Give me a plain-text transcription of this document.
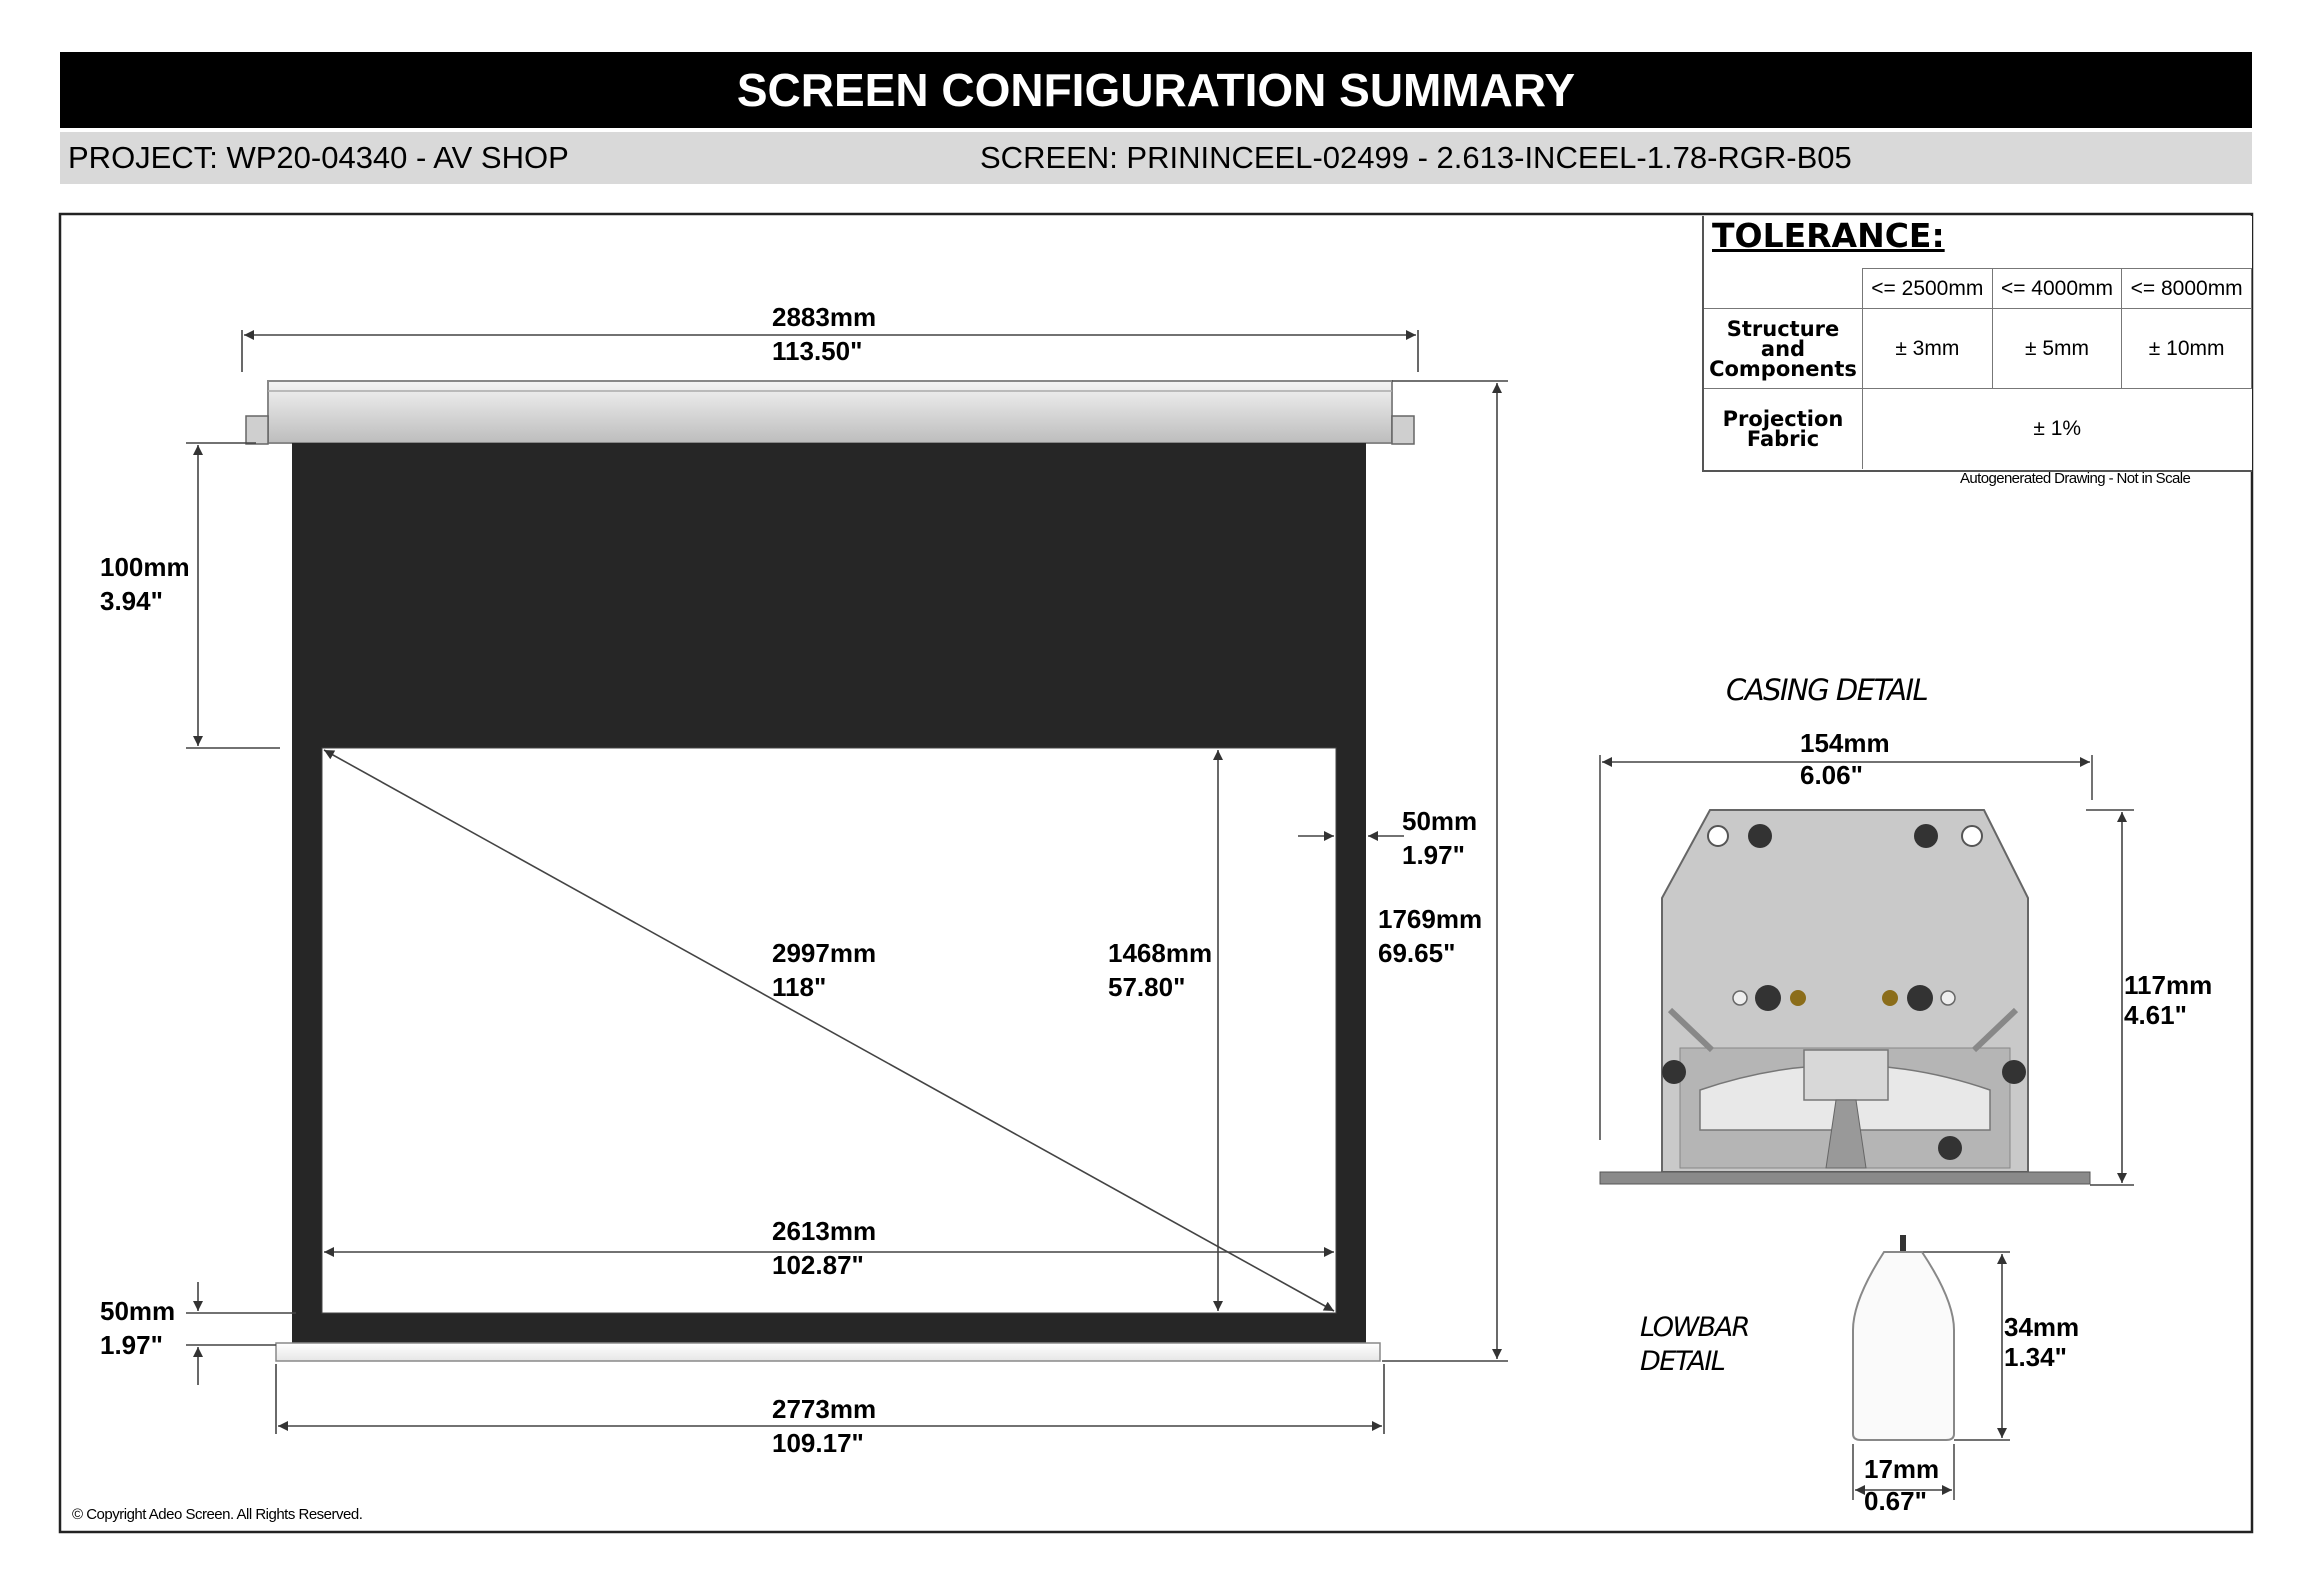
SCREEN CONFIGURATION SUMMARY
PROJECT: WP20-04340 - AV SHOP	SCREEN: PRININCEEL-02499 - 2.613-INCEEL-1.78-RGR-B05
2883mm
113.50"
100mm
3.94"
50mm
1.97"
1769mm
69.65"
2997mm
118"
1468mm
57.80"
2613mm
102.87"
50mm
1.97"
2773mm
109.17"
154mm
6.06"
117mm
4.61"
34mm
1.34"
17mm
0.67"
CASING DETAIL
LOWBAR
DETAIL
TOLERANCE:
	<= 2500mm	<= 4000mm	<= 8000mm
Structure and
Components	± 3mm	± 5mm	± 10mm
Projection
Fabric	± 1%		
Autogenerated Drawing - Not in Scale
© Copyright Adeo Screen. All Rights Reserved.
